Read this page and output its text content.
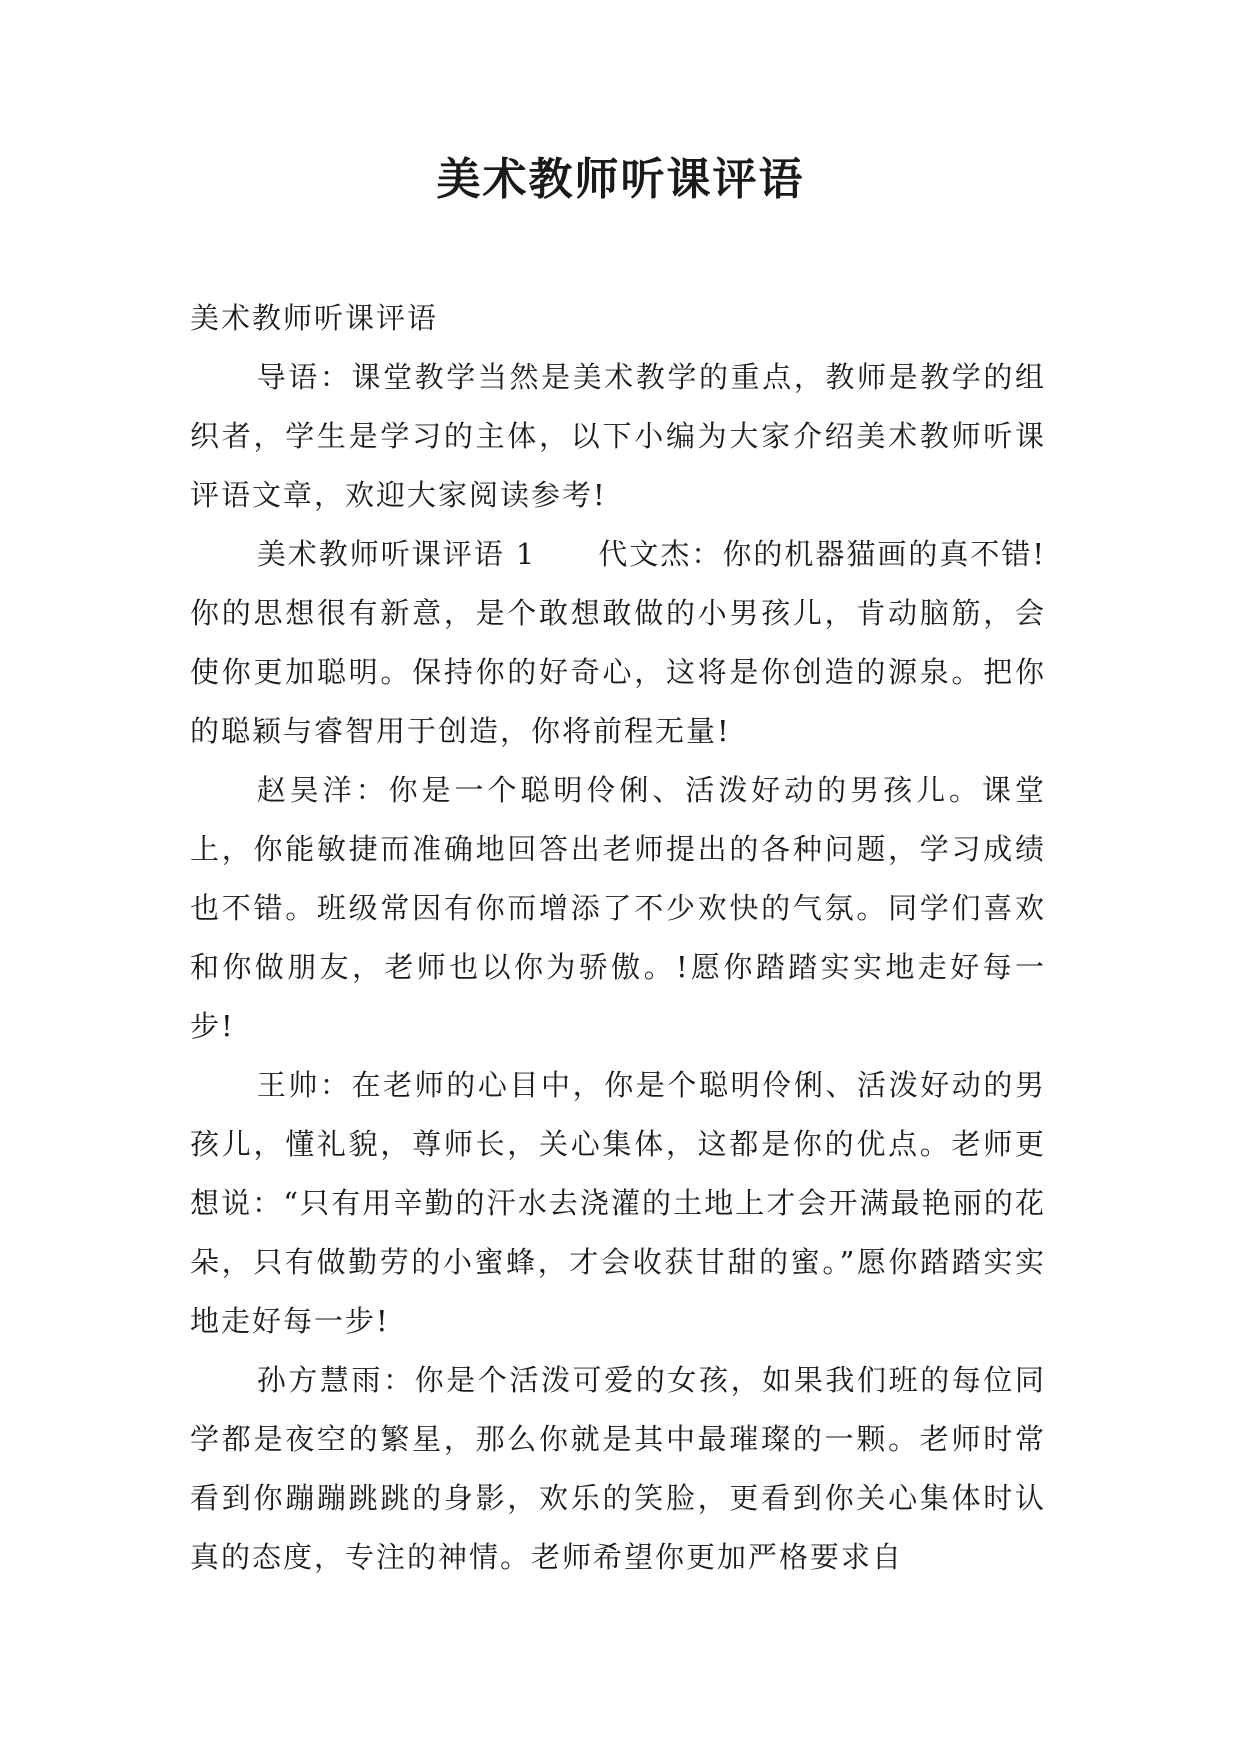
美术教师听课评语

美术教师听课评语

导语：课堂教学当然是美术教学的重点，教师是教学的组织者，学生是学习的主体，以下小编为大家介绍美术教师听课评语文章，欢迎大家阅读参考!

美术教师听课评语 1　　代文杰：你的机器猫画的真不错!你的思想很有新意，是个敢想敢做的小男孩儿，肯动脑筋，会使你更加聪明。保持你的好奇心，这将是你创造的源泉。把你的聪颖与睿智用于创造，你将前程无量!

赵昊洋：你是一个聪明伶俐、活泼好动的男孩儿。课堂上，你能敏捷而准确地回答出老师提出的各种问题，学习成绩也不错。班级常因有你而增添了不少欢快的气氛。同学们喜欢和你做朋友，老师也以你为骄傲。!愿你踏踏实实地走好每一步!

王帅：在老师的心目中，你是个聪明伶俐、活泼好动的男孩儿，懂礼貌，尊师长，关心集体，这都是你的优点。老师更想说：“只有用辛勤的汗水去浇灌的土地上才会开满最艳丽的花朵，只有做勤劳的小蜜蜂，才会收获甘甜的蜜。”愿你踏踏实实地走好每一步!

孙方慧雨：你是个活泼可爱的女孩，如果我们班的每位同学都是夜空的繁星，那么你就是其中最璀璨的一颗。老师时常看到你蹦蹦跳跳的身影，欢乐的笑脸，更看到你关心集体时认真的态度，专注的神情。老师希望你更加严格要求自
